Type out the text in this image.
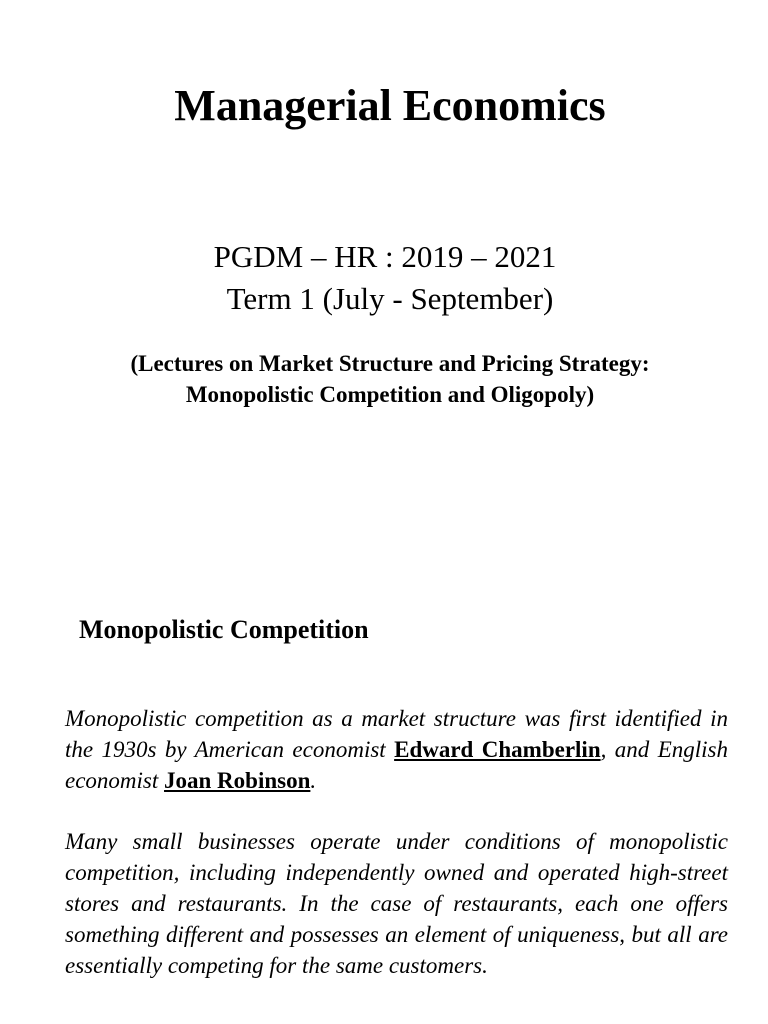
Managerial Economics
PGDM – HR : 2019 – 2021
Term 1 (July - September)
(Lectures on Market Structure and Pricing Strategy:
Monopolistic Competition and Oligopoly)
Monopolistic Competition

Monopolistic competition as a market structure was first identified in the 1930s by American economist Edward Chamberlin, and English economist Joan Robinson.

Many small businesses operate under conditions of monopolistic competition, including independently owned and operated high-street stores and restaurants. In the case of restaurants, each one offers something different and possesses an element of uniqueness, but all are essentially competing for the same customers.
